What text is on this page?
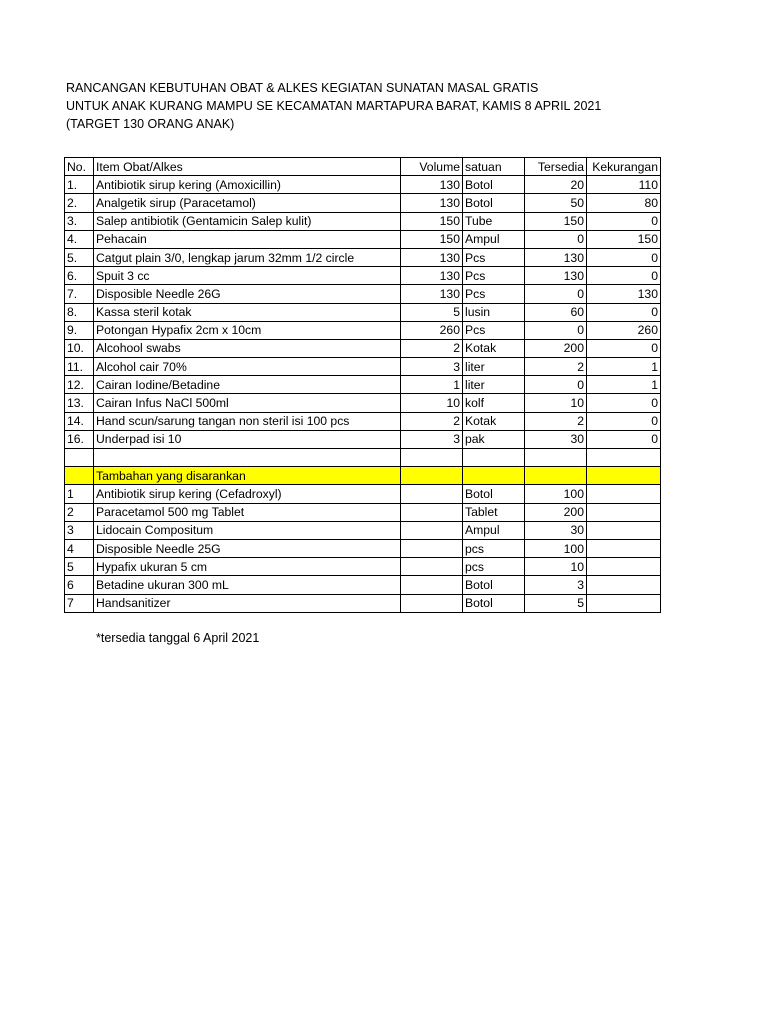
RANCANGAN KEBUTUHAN OBAT & ALKES KEGIATAN SUNATAN MASAL GRATIS
UNTUK ANAK KURANG MAMPU SE KECAMATAN MARTAPURA BARAT, KAMIS 8 APRIL 2021
(TARGET 130 ORANG ANAK)
No.	Item Obat/Alkes	Volume	satuan	Tersedia	Kekurangan
1.	Antibiotik sirup kering (Amoxicillin)	130	Botol	20	110
2.	Analgetik sirup (Paracetamol)	130	Botol	50	80
3.	Salep antibiotik (Gentamicin Salep kulit)	150	Tube	150	0
4.	Pehacain	150	Ampul	0	150
5.	Catgut plain 3/0, lengkap jarum 32mm 1/2 circle	130	Pcs	130	0
6.	Spuit 3 cc	130	Pcs	130	0
7.	Disposible Needle 26G	130	Pcs	0	130
8.	Kassa steril kotak	5	lusin	60	0
9.	Potongan Hypafix 2cm x 10cm	260	Pcs	0	260
10.	Alcohool swabs	2	Kotak	200	0
11.	Alcohol cair 70%	3	liter	2	1
12.	Cairan Iodine/Betadine	1	liter	0	1
13.	Cairan Infus NaCl 500ml	10	kolf	10	0
14.	Hand scun/sarung tangan non steril isi 100 pcs	2	Kotak	2	0
16.	Underpad isi 10	3	pak	30	0

	Tambahan yang disarankan				
1	Antibiotik sirup kering (Cefadroxyl)		Botol	100	
2	Paracetamol 500 mg Tablet		Tablet	200	
3	Lidocain Compositum		Ampul	30	
4	Disposible Needle 25G		pcs	100	
5	Hypafix ukuran 5 cm		pcs	10	
6	Betadine ukuran 300 mL		Botol	3	
7	Handsanitizer		Botol	5	
*tersedia tanggal 6 April 2021
